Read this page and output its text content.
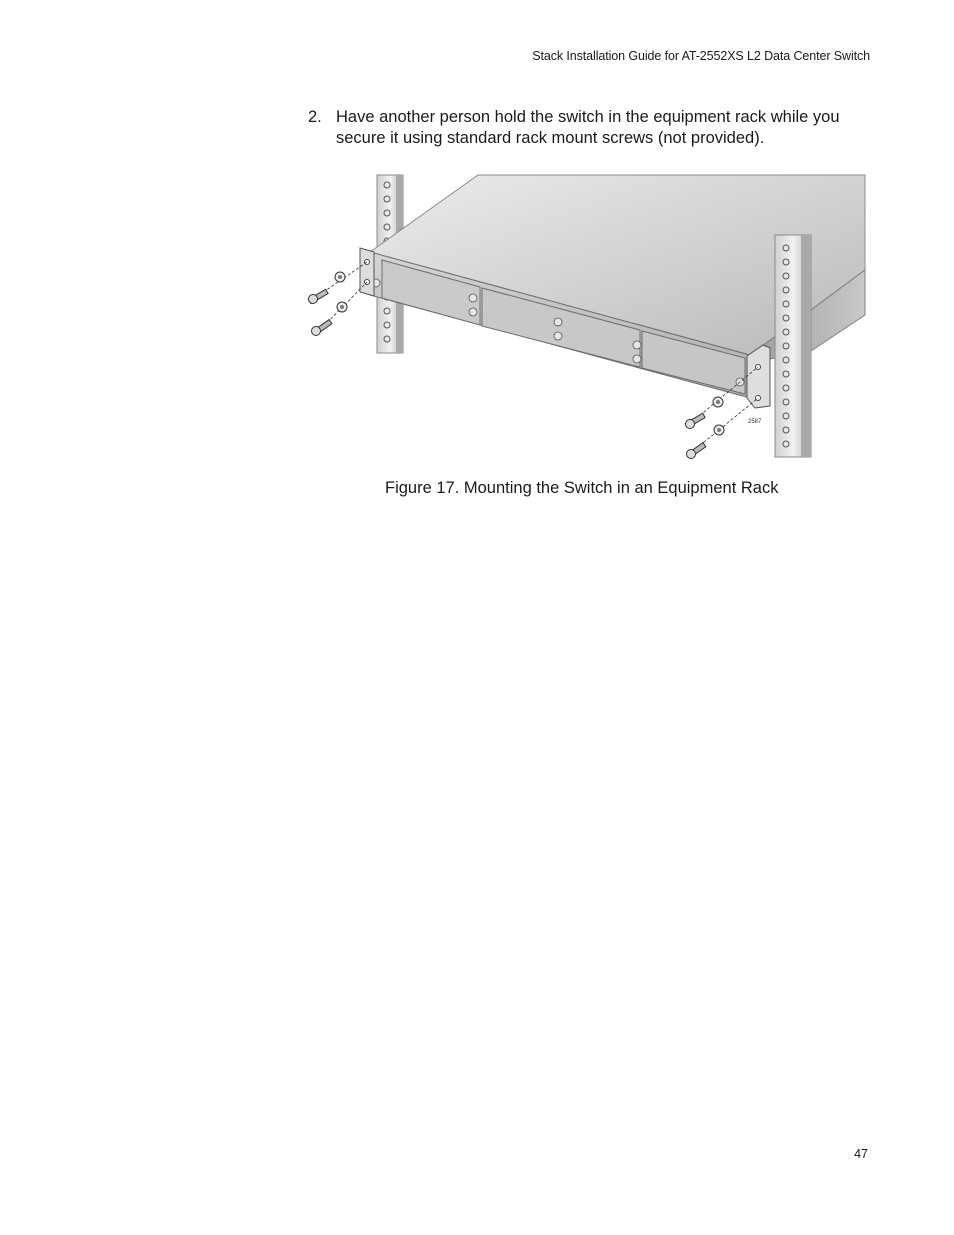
Stack Installation Guide for AT-2552XS L2 Data Center Switch
2. Have another person hold the switch in the equipment rack while you secure it using standard rack mount screws (not provided).
2587
Figure 17. Mounting the Switch in an Equipment Rack
47
